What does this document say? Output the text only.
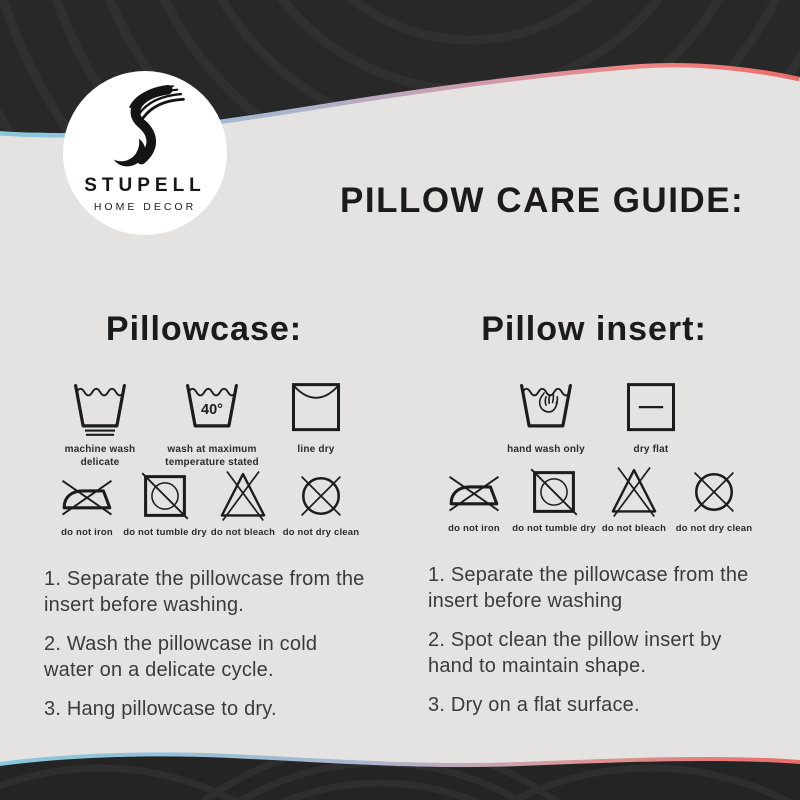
STUPELL
HOME DECOR	PILLOW CARE GUIDE:
Pillowcase:
machine wash delicate
40°
wash at maximum temperature stated
line dry
do not iron do not tumble dry do not bleach do not dry clean

1. Separate the pillowcase from the insert before washing.

2. Wash the pillowcase in cold water on a delicate cycle.

3. Hang pillowcase to dry.

Pillow insert:
hand wash only	dry flat
do not iron do not tumble dry do not bleach do not dry clean

1. Separate the pillowcase from the insert before washing

2. Spot clean the pillow insert by hand to maintain shape.

3. Dry on a flat surface.
